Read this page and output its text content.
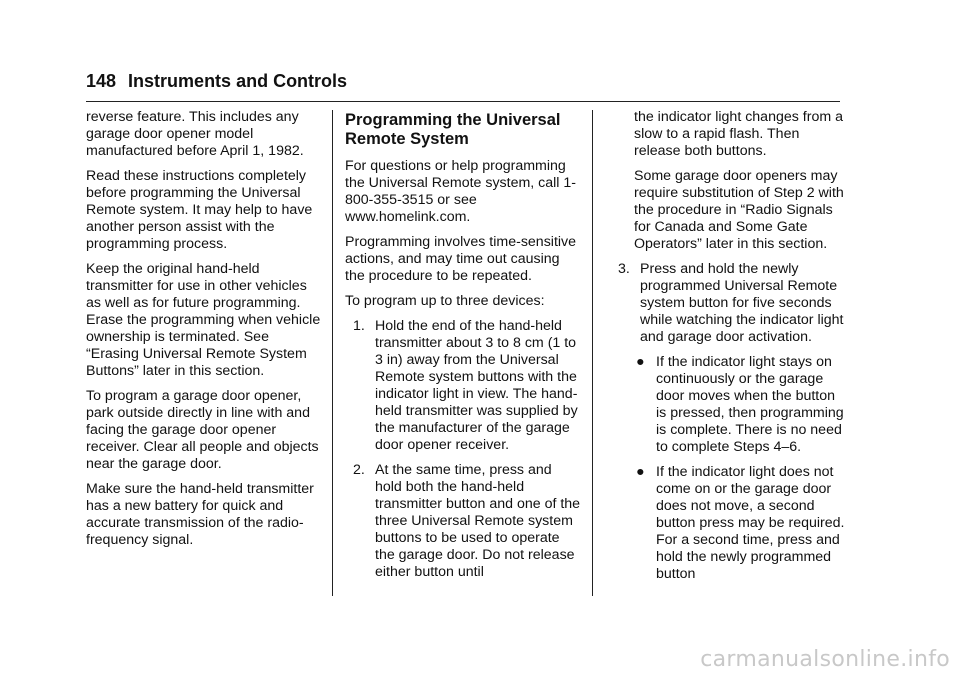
148 Instruments and Controls

reverse feature. This includes any garage door opener model manufactured before April 1, 1982.

Read these instructions completely before programming the Universal Remote system. It may help to have another person assist with the programming process.

Keep the original hand-held transmitter for use in other vehicles as well as for future programming. Erase the programming when vehicle ownership is terminated. See “Erasing Universal Remote System Buttons” later in this section.

To program a garage door opener, park outside directly in line with and facing the garage door opener receiver. Clear all people and objects near the garage door.

Make sure the hand-held transmitter has a new battery for quick and accurate transmission of the radio-frequency signal.

Programming the Universal Remote System

For questions or help programming the Universal Remote system, call 1-800-355-3515 or see www.homelink.com.

Programming involves time-sensitive actions, and may time out causing the procedure to be repeated.

To program up to three devices:

1. Hold the end of the hand-held transmitter about 3 to 8 cm (1 to 3 in) away from the Universal Remote system buttons with the indicator light in view. The hand-held transmitter was supplied by the manufacturer of the garage door opener receiver.
2. At the same time, press and hold both the hand-held transmitter button and one of the three Universal Remote system buttons to be used to operate the garage door. Do not release either button until
the indicator light changes from a slow to a rapid flash. Then release both buttons.
Some garage door openers may require substitution of Step 2 with the procedure in “Radio Signals for Canada and Some Gate Operators” later in this section.
3. Press and hold the newly programmed Universal Remote system button for five seconds while watching the indicator light and garage door activation.
● If the indicator light stays on continuously or the garage door moves when the button is pressed, then programming is complete. There is no need to complete Steps 4–6.
● If the indicator light does not come on or the garage door does not move, a second button press may be required. For a second time, press and hold the newly programmed button
carmanualsonline.info
